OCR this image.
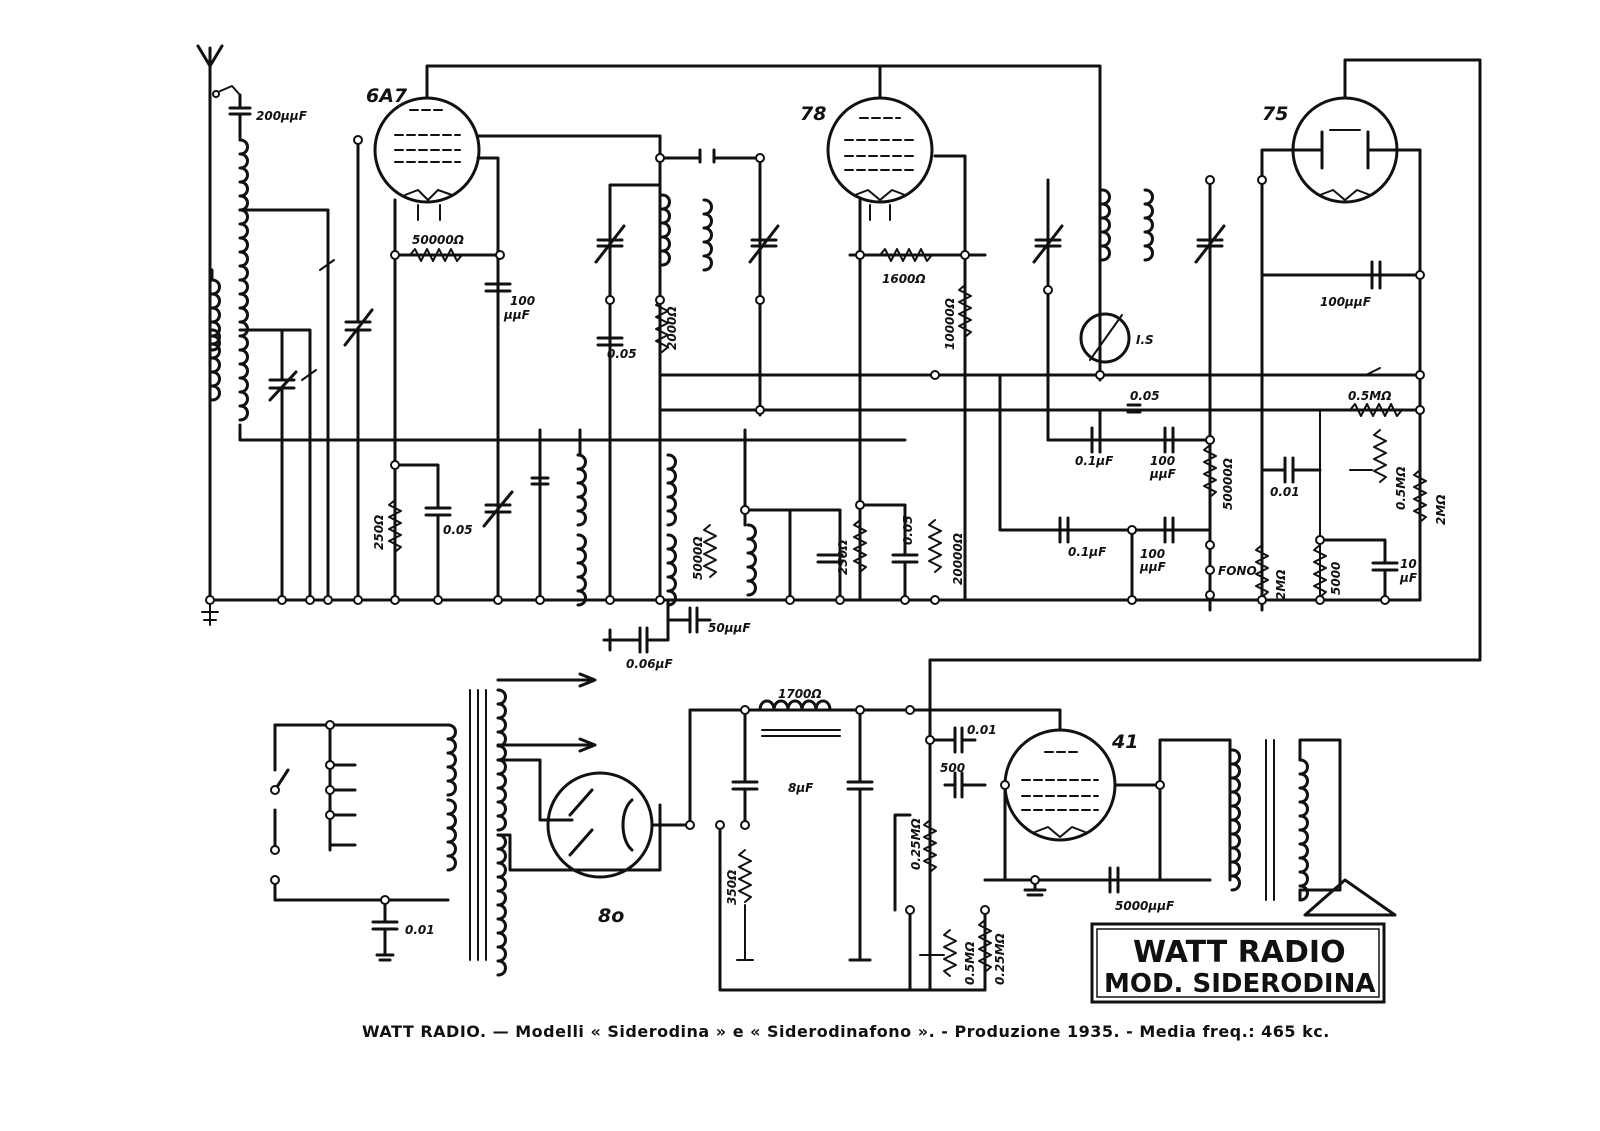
200µµF
6A7
50000Ω
100
µµF
0.05
2000Ω
78
1600Ω
10000Ω	I.S
75
100µµF
0.5MΩ
0.05
0.1µF	100
µµF	50000Ω	0.01	0.5MΩ 2MΩ
250Ω	0.05
5000Ω	250Ω
0.05
20000Ω	0.1µF	100
µµF	FONO 2MΩ	5000	10
µF
50µµF
0.06µF
0.01
8o
1700Ω
8µF
350Ω
0.01
500
0.25MΩ
41
5000µµF
0.5MΩ 0.25MΩ	WATT RADIO
MOD. SIDERODINA
WATT RADIO. — Modelli « Siderodina » e « Siderodinafono ». - Produzione 1935. - Media freq.: 465 kc.
